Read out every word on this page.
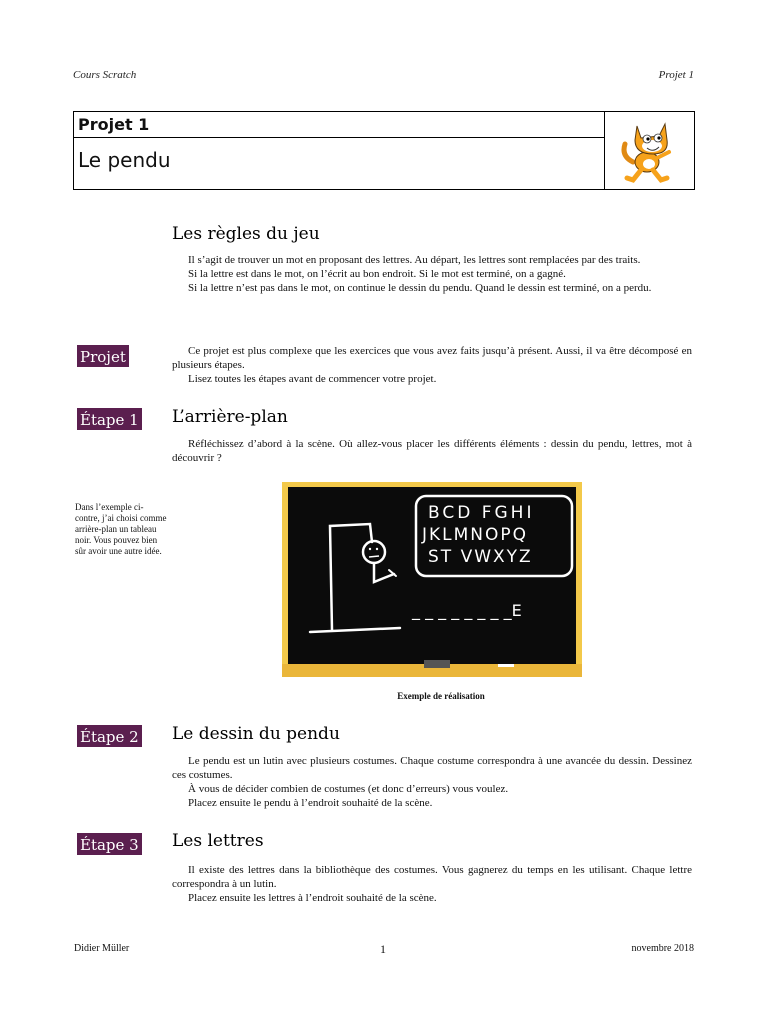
Cours Scratch	Projet 1
Projet 1
Le pendu
Les règles du jeu

Il s’agit de trouver un mot en proposant des lettres. Au départ, les lettres sont remplacées par des traits.

Si la lettre est dans le mot, on l’écrit au bon endroit. Si le mot est terminé, on a gagné.

Si la lettre n’est pas dans le mot, on continue le dessin du pendu. Quand le dessin est terminé, on a perdu.

Projet	Ce projet est plus complexe que les exercices que vous avez faits jusqu’à présent. Aussi, il va être décomposé en plusieurs étapes.

Lisez toutes les étapes avant de commencer votre projet.

Étape 1 L’arrière-plan

Réfléchissez d’abord à la scène. Où allez-vous placer les différents éléments : dessin du pendu, lettres, mot à découvrir ?

Dans l’exemple ci-contre, j’ai choisi comme arrière-plan un tableau noir. Vous pouvez bien sûr avoir une autre idée.
BCD FGHI
JKLMNOPQ
ST VWXYZ
_ _ _ _ _ _ _ _E
Exemple de réalisation
Étape 2 Le dessin du pendu

Le pendu est un lutin avec plusieurs costumes. Chaque costume correspondra à une avancée du dessin. Dessinez ces costumes.

À vous de décider combien de costumes (et donc d’erreurs) vous voulez.

Placez ensuite le pendu à l’endroit souhaité de la scène.

Étape 3 Les lettres

Il existe des lettres dans la bibliothèque des costumes. Vous gagnerez du temps en les utilisant. Chaque lettre correspondra à un lutin.

Placez ensuite les lettres à l’endroit souhaité de la scène.

Didier Müller	1	novembre 2018
